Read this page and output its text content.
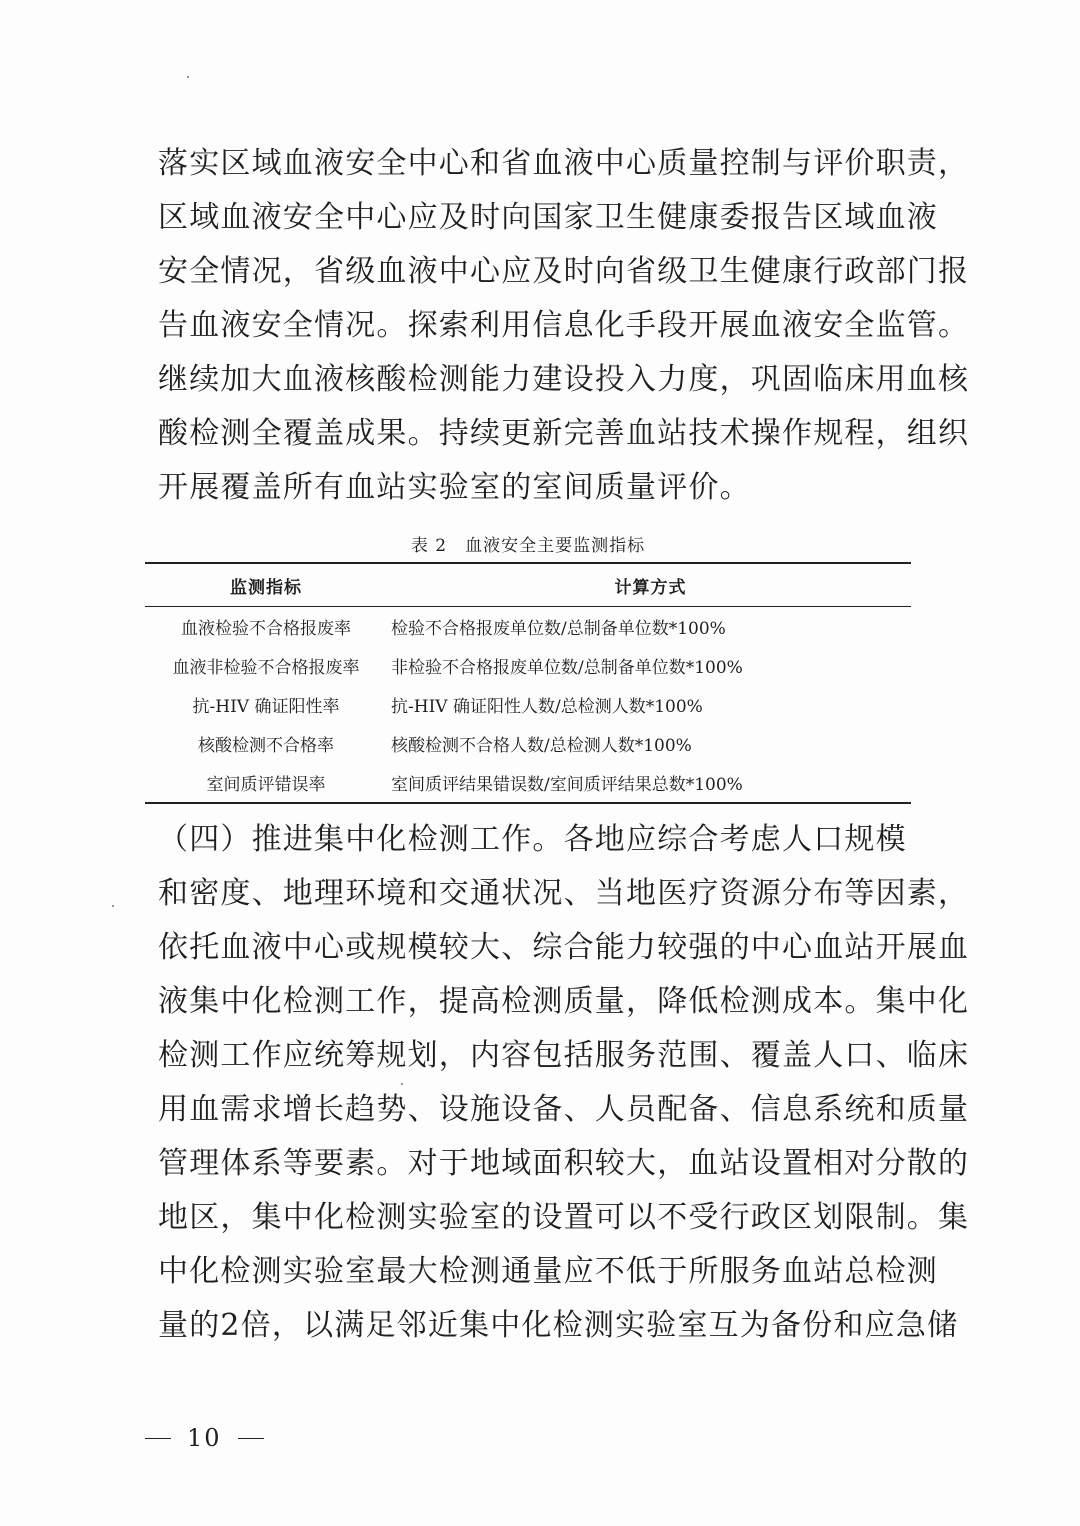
落实区域血液安全中心和省血液中心质量控制与评价职责，
区域血液安全中心应及时向国家卫生健康委报告区域血液
安全情况，省级血液中心应及时向省级卫生健康行政部门报
告血液安全情况。探索利用信息化手段开展血液安全监管。
继续加大血液核酸检测能力建设投入力度，巩固临床用血核
酸检测全覆盖成果。持续更新完善血站技术操作规程，组织
开展覆盖所有血站实验室的室间质量评价。
表 2　血液安全主要监测指标
监测指标	计算方式
血液检验不合格报废率	检验不合格报废单位数/总制备单位数*100%
血液非检验不合格报废率	非检验不合格报废单位数/总制备单位数*100%
抗-HIV 确证阳性率	抗-HIV 确证阳性人数/总检测人数*100%
核酸检测不合格率	核酸检测不合格人数/总检测人数*100%
室间质评错误率	室间质评结果错误数/室间质评结果总数*100%
（四）推进集中化检测工作。各地应综合考虑人口规模
和密度、地理环境和交通状况、当地医疗资源分布等因素，
依托血液中心或规模较大、综合能力较强的中心血站开展血
液集中化检测工作，提高检测质量，降低检测成本。集中化
检测工作应统筹规划，内容包括服务范围、覆盖人口、临床
用血需求增长趋势、设施设备、人员配备、信息系统和质量
管理体系等要素。对于地域面积较大，血站设置相对分散的
地区，集中化检测实验室的设置可以不受行政区划限制。集
中化检测实验室最大检测通量应不低于所服务血站总检测
量的2倍，以满足邻近集中化检测实验室互为备份和应急储
10
